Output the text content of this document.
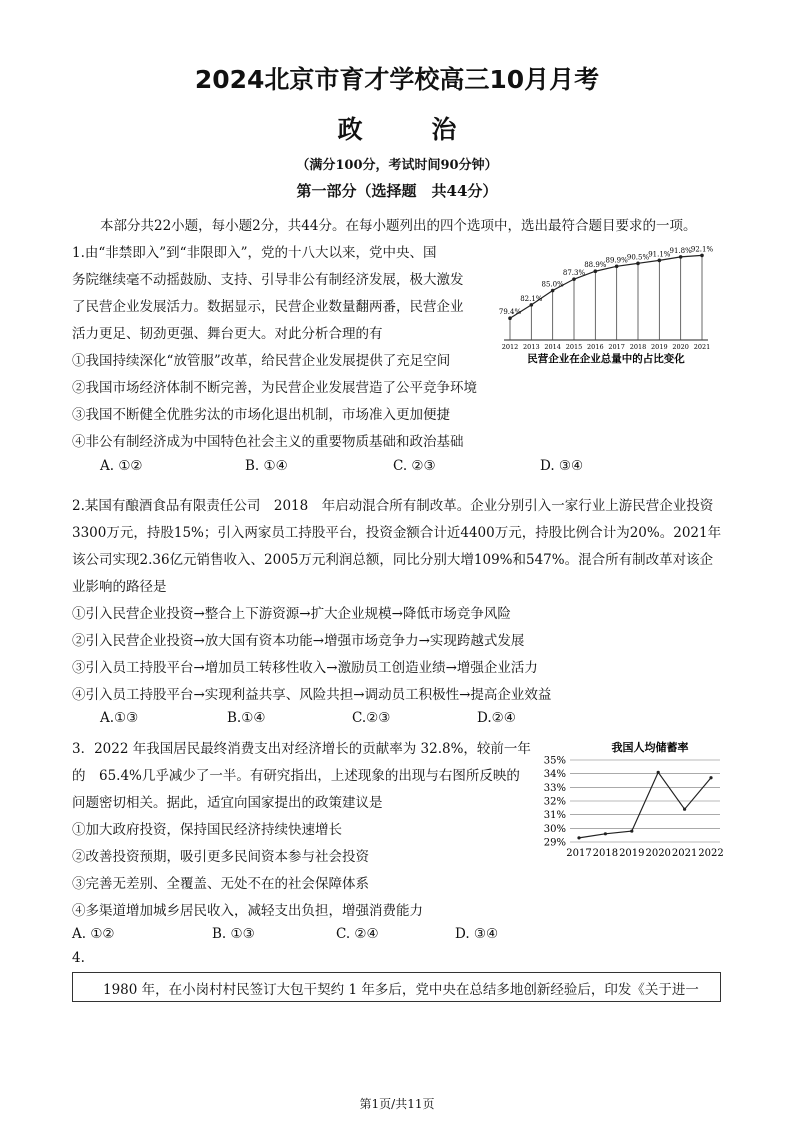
2024北京市育才学校高三10月月考
政 治
（满分100分，考试时间90分钟）
第一部分（选择题　共44分）
本部分共22小题，每小题2分，共44分。在每小题列出的四个选项中，选出最符合题目要求的一项。
1.由“非禁即入”到“非限即入”，党的十八大以来，党中央、国
务院继续毫不动摇鼓励、支持、引导非公有制经济发展，极大激发
了民营企业发展活力。数据显示，民营企业数量翻两番，民营企业
活力更足、韧劲更强、舞台更大。对此分析合理的有
①我国持续深化“放管服”改革，给民营企业发展提供了充足空间
②我国市场经济体制不断完善，为民营企业发展营造了公平竞争环境
③我国不断健全优胜劣汰的市场化退出机制，市场准入更加便捷
④非公有制经济成为中国特色社会主义的重要物质基础和政治基础
A. ①②	B. ①④	C. ②③	D. ③④
79.4%
82.1%
85.0%
87.3%
88.9%
89.9% 90.5% 91.1% 91.8% 92.1%
2012 2013 2014 2015 2016 2017 2018 2019 2020 2021
民营企业在企业总量中的占比变化
2.某国有酿酒食品有限责任公司　2018　年启动混合所有制改革。企业分别引入一家行业上游民营企业投资
3300万元，持股15%；引入两家员工持股平台，投资金额合计近4400万元，持股比例合计为20%。2021年
该公司实现2.36亿元销售收入、2005万元利润总额，同比分别大增109%和547%。混合所有制改革对该企
业影响的路径是
①引入民营企业投资→整合上下游资源→扩大企业规模→降低市场竞争风险
②引入民营企业投资→放大国有资本功能→增强市场竞争力→实现跨越式发展
③引入员工持股平台→增加员工转移性收入→激励员工创造业绩→增强企业活力
④引入员工持股平台→实现利益共享、风险共担→调动员工积极性→提高企业效益
A.①③	B.①④	C.②③	D.②④
3．2022 年我国居民最终消费支出对经济增长的贡献率为 32.8%，较前一年
的　65.4%几乎减少了一半。有研究指出，上述现象的出现与右图所反映的
问题密切相关。据此，适宜向国家提出的政策建议是
①加大政府投资，保持国民经济持续快速增长
②改善投资预期，吸引更多民间资本参与社会投资
③完善无差别、全覆盖、无处不在的社会保障体系
④多渠道增加城乡居民收入，减轻支出负担，增强消费能力
A. ①②	B. ①③	C. ②④	D. ③④
我国人均储蓄率
35%
34%
33%
32%
31%
30%
29%
2017 2018 2019 2020 2021 2022
4.
1980 年，在小岗村村民签订大包干契约 1 年多后，党中央在总结多地创新经验后，印发《关于进一
第1页/共11页
